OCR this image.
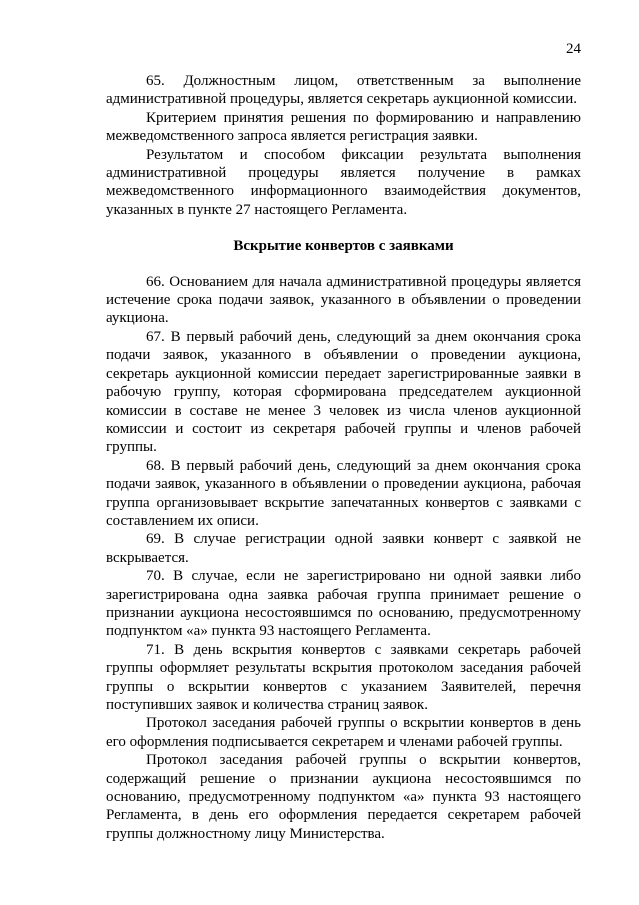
24

65. Должностным лицом, ответственным за выполнение административной процедуры, является секретарь аукционной комиссии.

Критерием принятия решения по формированию и направлению межведомственного запроса является регистрация заявки.

Результатом и способом фиксации результата выполнения административной процедуры является получение в рамках межведомственного информационного взаимодействия документов, указанных в пункте 27 настоящего Регламента.

Вскрытие конвертов с заявками

66. Основанием для начала административной процедуры является истечение срока подачи заявок, указанного в объявлении о проведении аукциона.

67. В первый рабочий день, следующий за днем окончания срока подачи заявок, указанного в объявлении о проведении аукциона, секретарь аукционной комиссии передает зарегистрированные заявки в рабочую группу, которая сформирована председателем аукционной комиссии в составе не менее 3 человек из числа членов аукционной комиссии и состоит из секретаря рабочей группы и членов рабочей группы.

68. В первый рабочий день, следующий за днем окончания срока подачи заявок, указанного в объявлении о проведении аукциона, рабочая группа организовывает вскрытие запечатанных конвертов с заявками с составлением их описи.

69. В случае регистрации одной заявки конверт с заявкой не вскрывается.

70. В случае, если не зарегистрировано ни одной заявки либо зарегистрирована одна заявка рабочая группа принимает решение о признании аукциона несостоявшимся по основанию, предусмотренному подпунктом «а» пункта 93 настоящего Регламента.

71. В день вскрытия конвертов с заявками секретарь рабочей группы оформляет результаты вскрытия протоколом заседания рабочей группы о вскрытии конвертов с указанием Заявителей, перечня поступивших заявок и количества страниц заявок.

Протокол заседания рабочей группы о вскрытии конвертов в день его оформления подписывается секретарем и членами рабочей группы.

Протокол заседания рабочей группы о вскрытии конвертов, содержащий решение о признании аукциона несостоявшимся по основанию, предусмотренному подпунктом «а» пункта 93 настоящего Регламента, в день его оформления передается секретарем рабочей группы должностному лицу Министерства.
